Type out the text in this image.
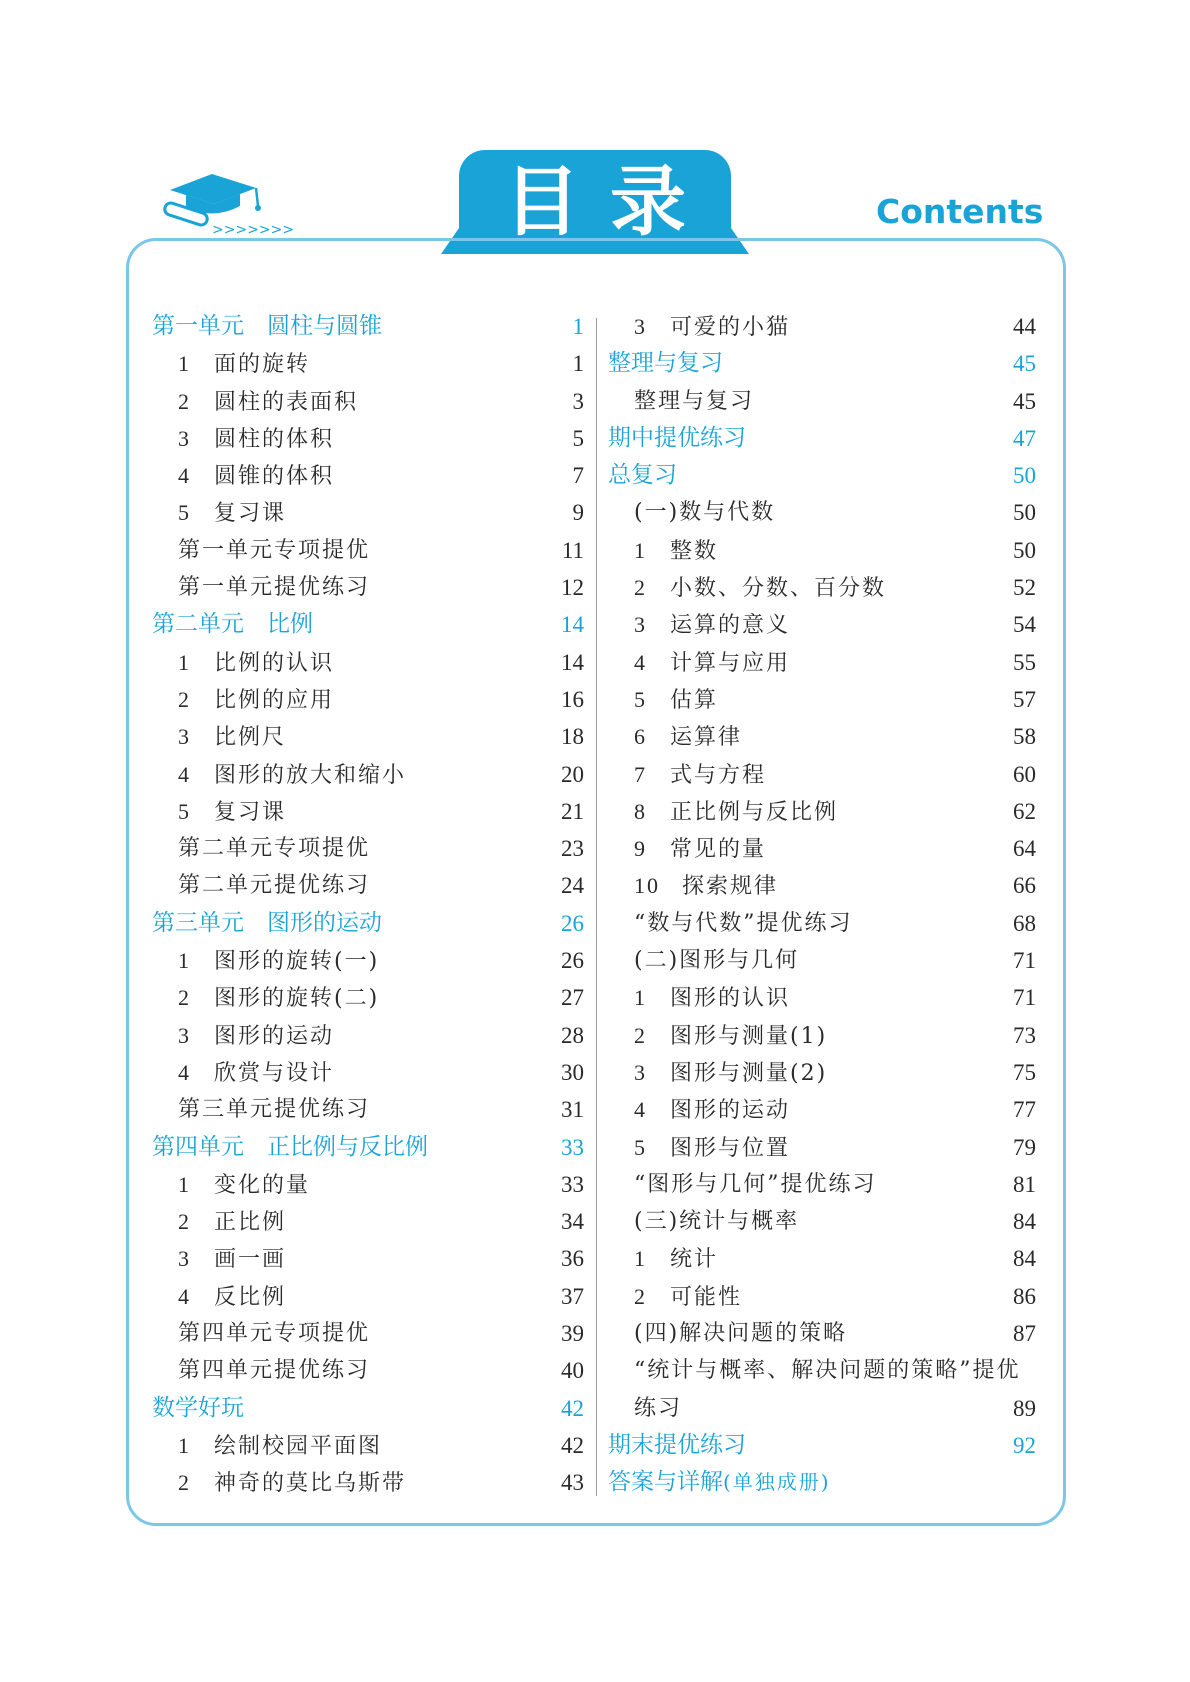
>>>>>>>	目录	Contents
第一单元　圆柱与圆锥	1
1 面的旋转	1
2 圆柱的表面积	3
3 圆柱的体积	5
4 圆锥的体积	7
5 复习课	9
第一单元专项提优	11
第一单元提优练习	12
第二单元　比例	14
1 比例的认识	14
2 比例的应用	16
3 比例尺	18
4 图形的放大和缩小	20
5 复习课	21
第二单元专项提优	23
第二单元提优练习	24
第三单元　图形的运动	26
1 图形的旋转(一)	26
2 图形的旋转(二)	27
3 图形的运动	28
4 欣赏与设计	30
第三单元提优练习	31
第四单元　正比例与反比例	33
1 变化的量	33
2 正比例	34
3 画一画	36
4 反比例	37
第四单元专项提优	39
第四单元提优练习	40
数学好玩	42
1 绘制校园平面图	42
2 神奇的莫比乌斯带	43
3 可爱的小猫	44
整理与复习	45
整理与复习	45
期中提优练习	47
总复习	50
(一)数与代数	50
1 整数	50
2 小数、分数、百分数	52
3 运算的意义	54
4 计算与应用	55
5 估算	57
6 运算律	58
7 式与方程	60
8 正比例与反比例	62
9 常见的量	64
10 探索规律	66
“数与代数”提优练习	68
(二)图形与几何	71
1 图形的认识	71
2 图形与测量(1)	73
3 图形与测量(2)	75
4 图形的运动	77
5 图形与位置	79
“图形与几何”提优练习	81
(三)统计与概率	84
1 统计	84
2 可能性	86
(四)解决问题的策略	87
“统计与概率、解决问题的策略”提优
练习	89
期末提优练习	92
答案与详解(单独成册)
